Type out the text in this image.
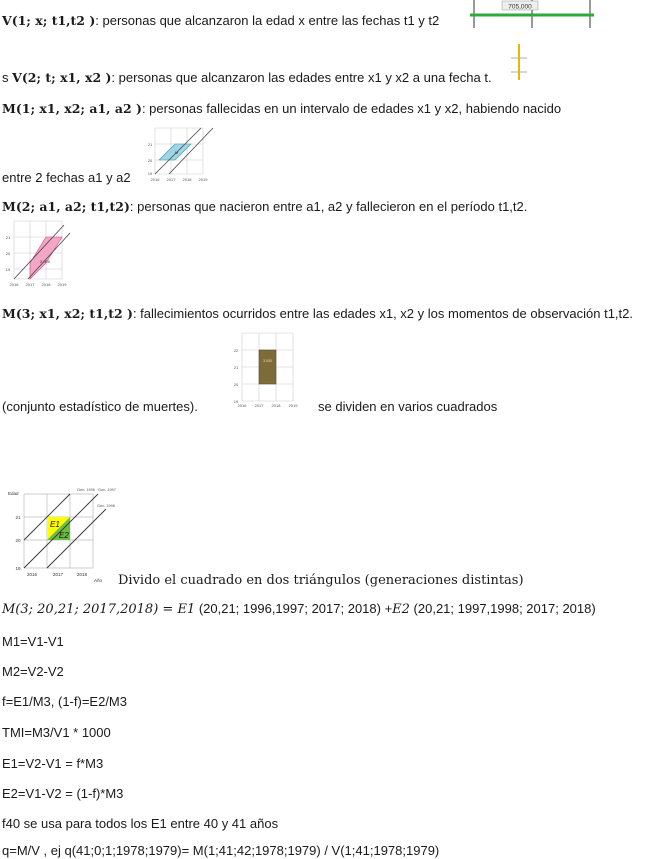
V(1; x; t1,t2 ): personas que alcanzaron la edad x entre las fechas t1 y t2
705,000
s V(2; t; x1, x2 ): personas que alcanzaron las edades entre x1 y x2 a una fecha t.
M(1; x1, x2; a1, a2 ): personas fallecidas en un intervalo de edades x1 y x2, habiendo nacido
M
2016 2017 2018 2019
21
20
19
entre 2 fechas a1 y a2
M(2; a1, a2; t1,t2): personas que nacieron entre a1, a2 y fallecieron en el período t1,t2.
2.000
2016 2017 2018 2019
21
20
19
M(3; x1, x2; t1,t2 ): fallecimientos ocurridos entre las edades x1, x2 y los momentos de observación t1,t2.
3.000
2016 2017 2018 2019
22
21
20
19
(conjunto estadístico de muertes).	se dividen en varios cuadrados
Edad
E1
E2
Gen. 1996 Gen. 1997
Gen. 1998
21
20
19
2016	2017	2018
Año Divido el cuadrado en dos triángulos (generaciones distintas)
M(3; 20,21; 2017,2018) = E1 (20,21; 1996,1997; 2017; 2018) +E2 (20,21; 1997,1998; 2017; 2018)
M1=V1-V1
M2=V2-V2
f=E1/M3, (1-f)=E2/M3
TMI=M3/V1 * 1000
E1=V2-V1 = f*M3
E2=V1-V2 = (1-f)*M3
f40 se usa para todos los E1 entre 40 y 41 años
q=M/V , ej q(41;0;1;1978;1979)= M(1;41;42;1978;1979) / V(1;41;1978;1979)
